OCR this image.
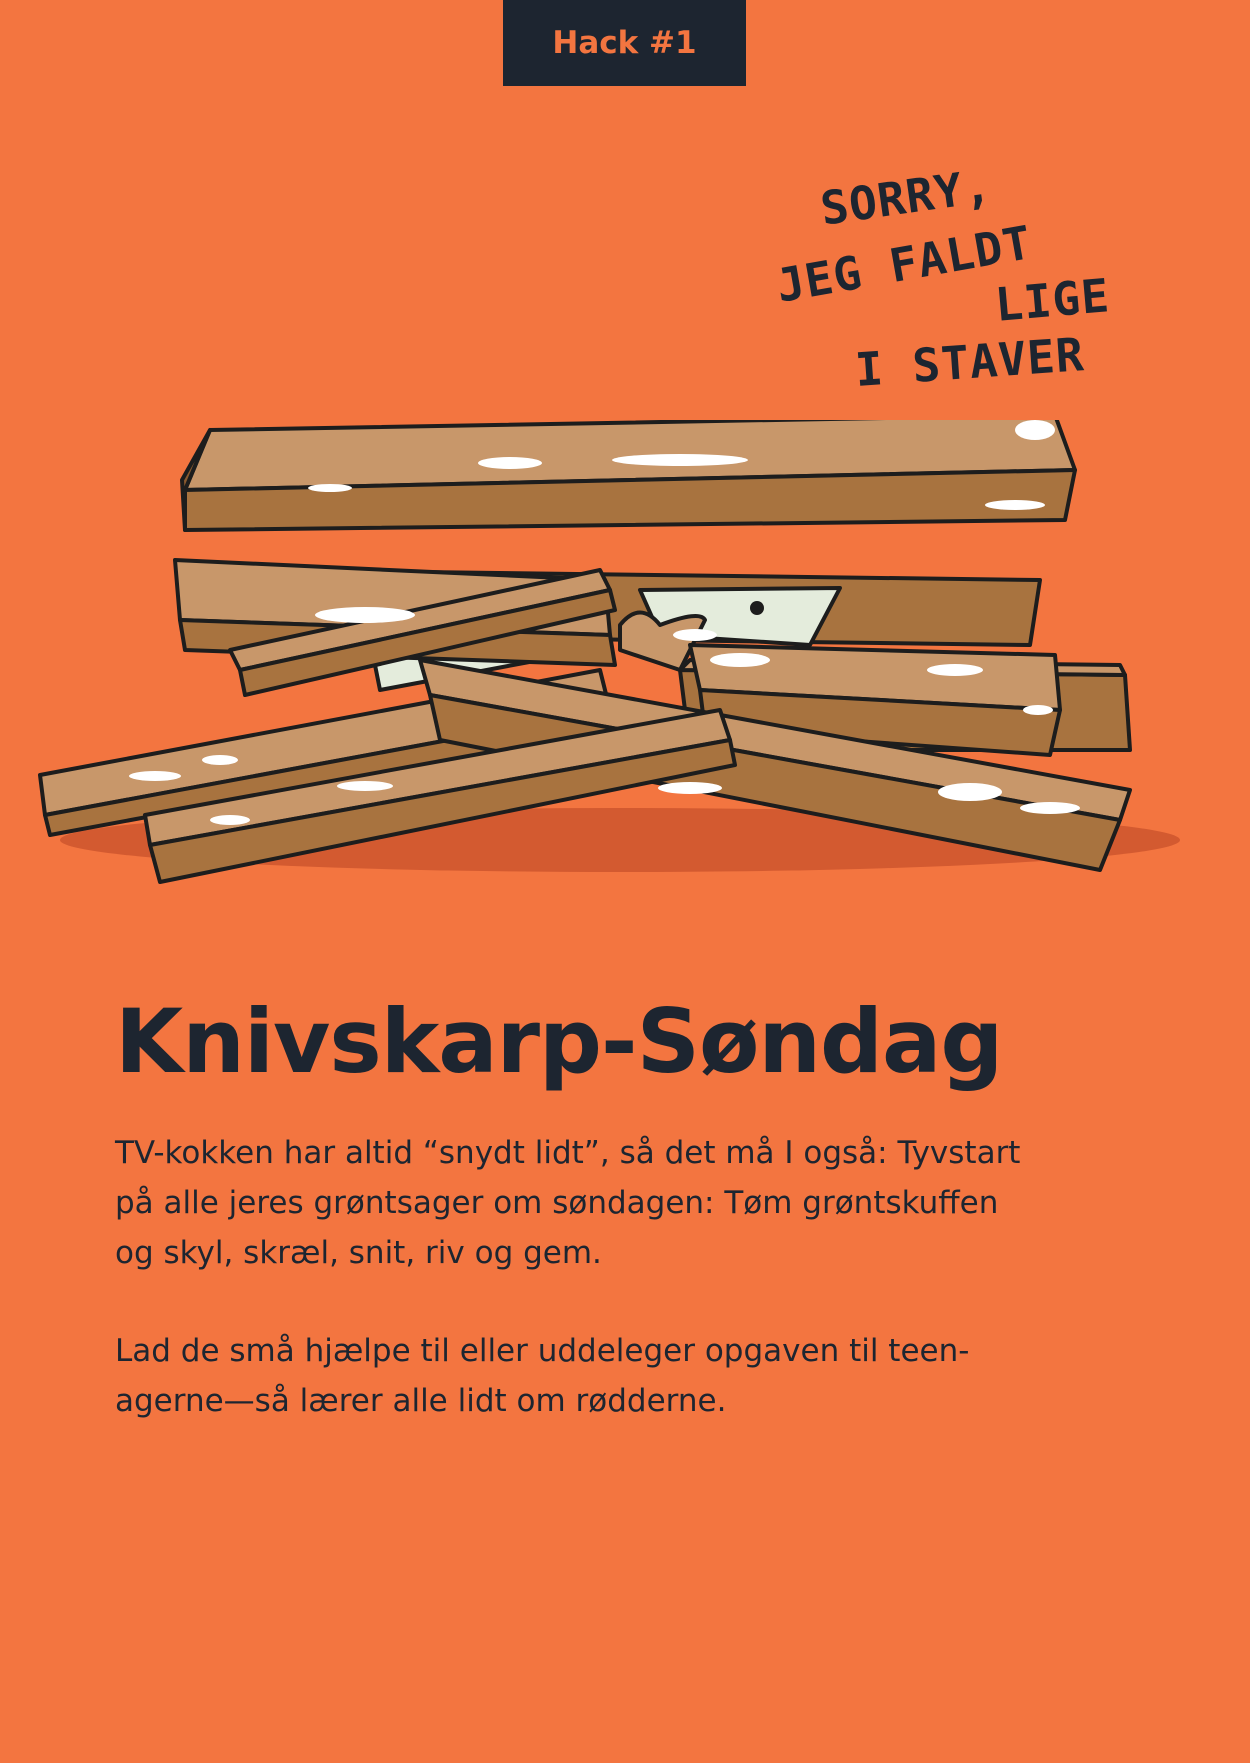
Hack #1
SORRY,
JEG FALDT
LIGE
I STAVER
Knivskarp-Søndag

TV-kokken har altid “snydt lidt”, så det må I også: Tyvstart
på alle jeres grøntsager om søndagen: Tøm grøntskuffen
og skyl, skræl, snit, riv og gem.

Lad de små hjælpe til eller uddeleger opgaven til teen-
agerne—så lærer alle lidt om rødderne.
